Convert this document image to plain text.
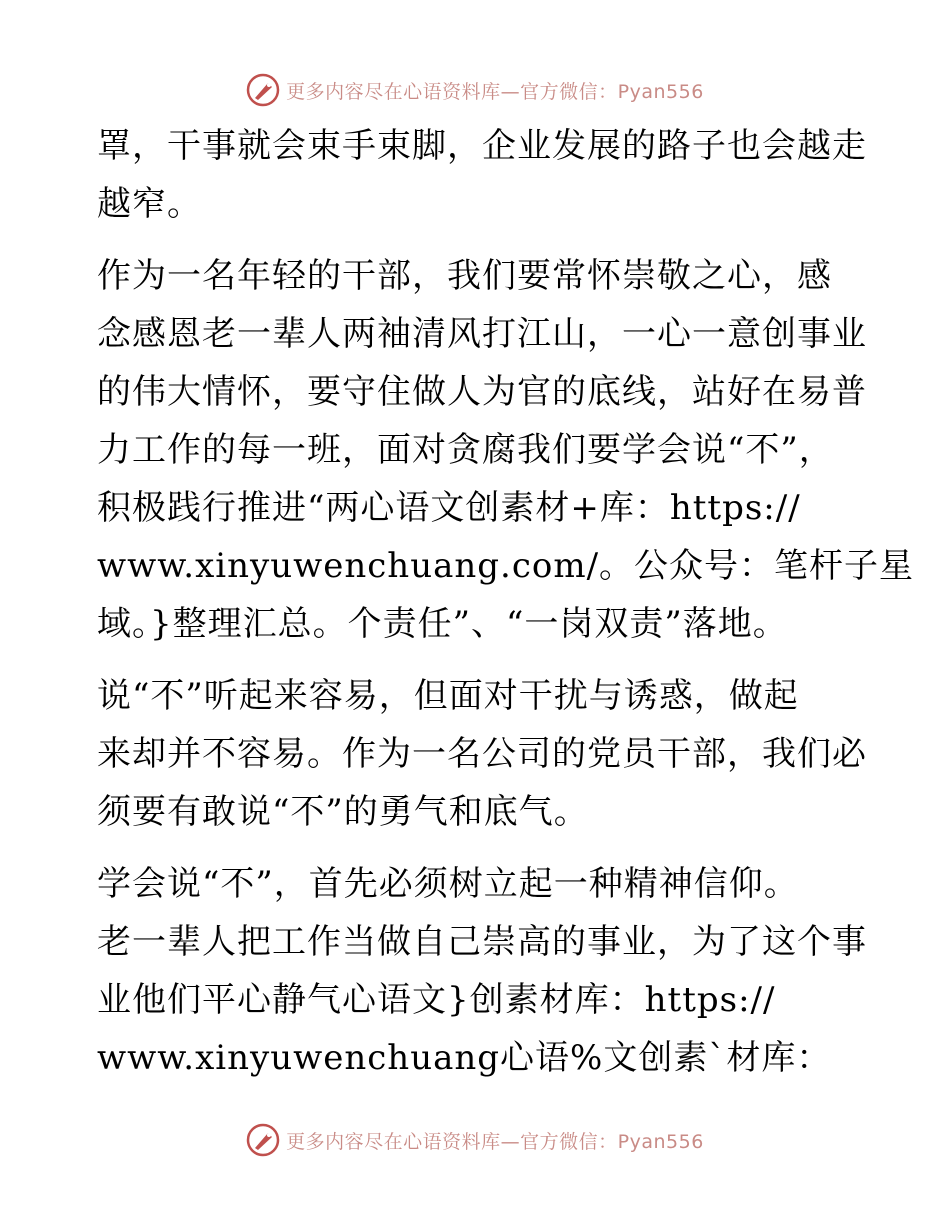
更多内容尽在心语资料库—官方微信：Pyan556
罩，干事就会束手束脚，企业发展的路子也会越走
越窄。
作为一名年轻的干部，我们要常怀崇敬之心，感
念感恩老一辈人两袖清风打江山，一心一意创事业
的伟大情怀，要守住做人为官的底线，站好在易普
力工作的每一班，面对贪腐我们要学会说“不”，
积极践行推进“两心语文创素材+库：https://
www.xinyuwenchuang.com/。公众号：笔杆子星
域。}整理汇总。个责任”、“一岗双责”落地。
说“不”听起来容易，但面对干扰与诱惑，做起
来却并不容易。作为一名公司的党员干部，我们必
须要有敢说“不”的勇气和底气。
学会说“不”，首先必须树立起一种精神信仰。
老一辈人把工作当做自己崇高的事业，为了这个事
业他们平心静气心语文}创素材库：https://
www.xinyuwenchuang心语%文创素`材库：
更多内容尽在心语资料库—官方微信：Pyan556
